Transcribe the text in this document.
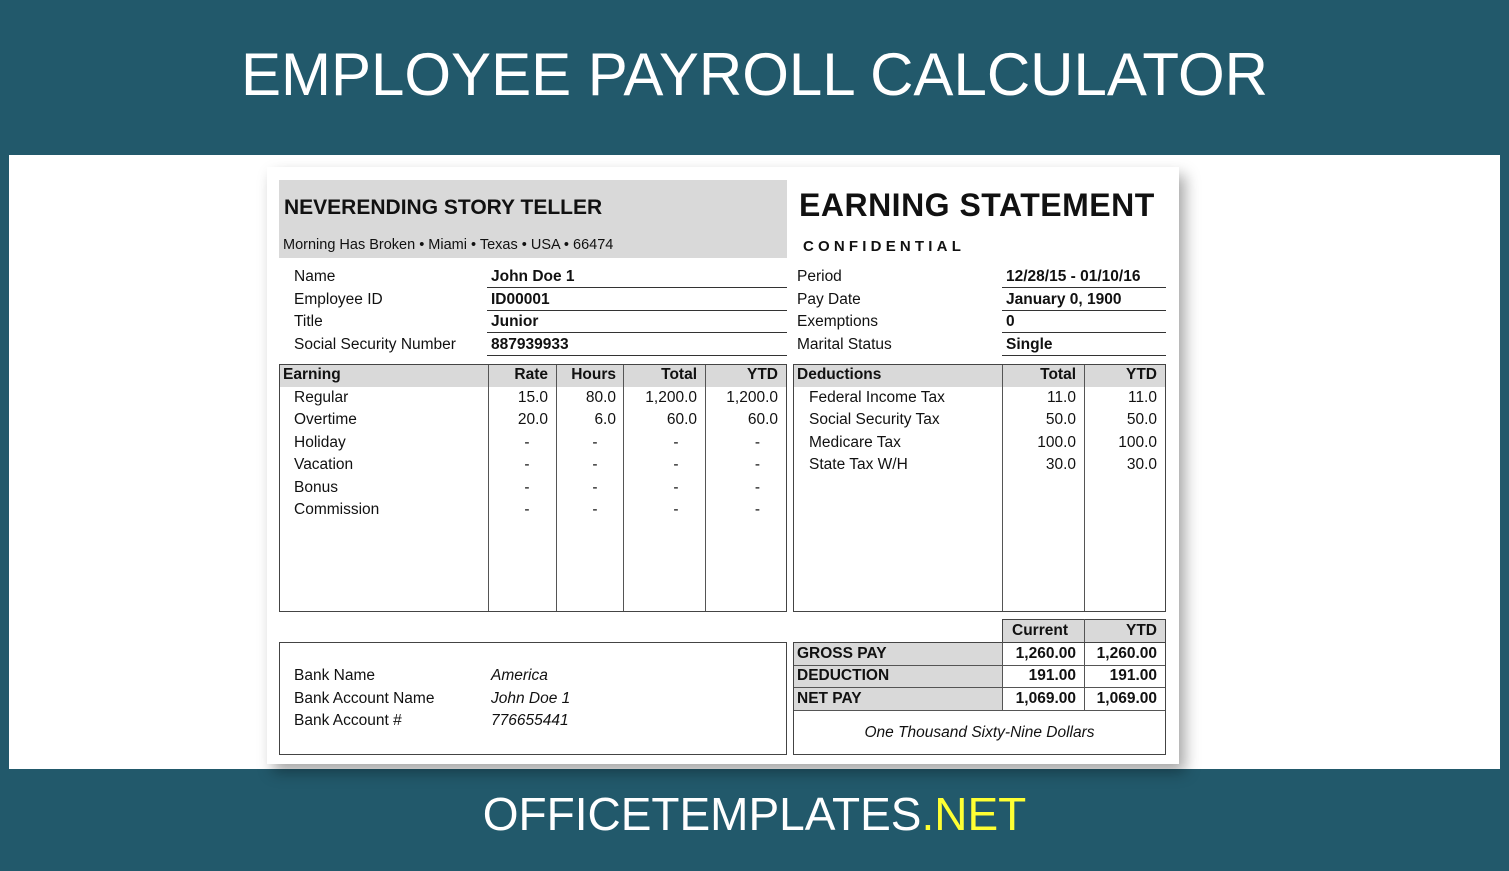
EMPLOYEE PAYROLL CALCULATOR
OFFICETEMPLATES.NET
NEVERENDING STORY TELLER
Morning Has Broken • Miami • Texas • USA • 66474
EARNING STATEMENT
CONFIDENTIAL
Name	John Doe 1
Employee ID	ID00001
Title	Junior
Social Security Number 887939933
Period	12/28/15 - 01/10/16
Pay Date	January 0, 1900
Exemptions	0
Marital Status	Single
Earning	Rate	Hours	Total	YTD
Regular	15.0	80.0	1,200.0	1,200.0
Overtime	20.0	6.0	60.0	60.0
Holiday	-	-	-	-
Vacation	-	-	-	-
Bonus	-	-	-	-
Commission	-	-	-	-
Deductions	Total	YTD
Federal Income Tax	11.0	11.0
Social Security Tax	50.0	50.0
Medicare Tax	100.0	100.0
State Tax W/H	30.0	30.0
Bank Name	America
Bank Account Name	John Doe 1
Bank Account #	776655441
Current	YTD
GROSS PAY	1,260.00	1,260.00
DEDUCTION	191.00	191.00
NET PAY	1,069.00	1,069.00
One Thousand Sixty-Nine Dollars
